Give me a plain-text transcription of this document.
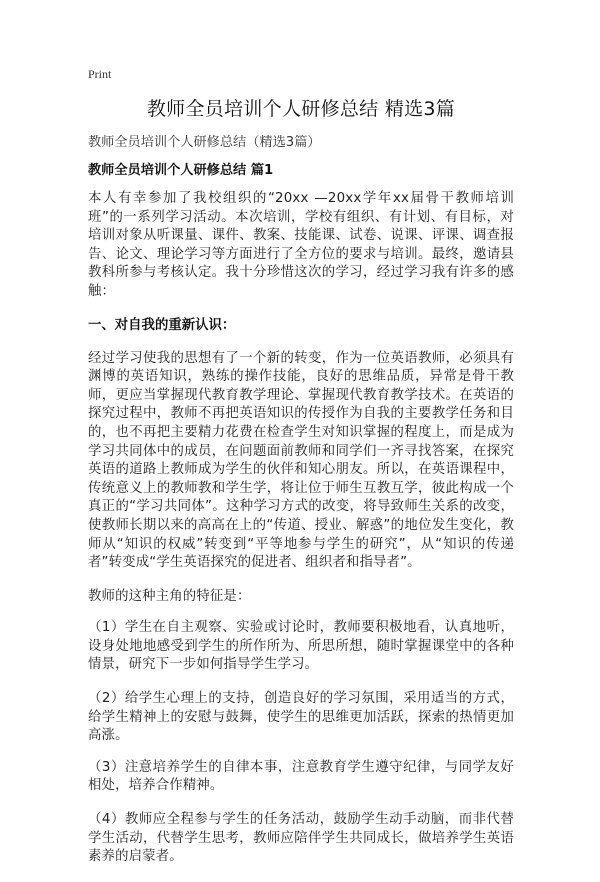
Print
教师全员培训个人研修总结 精选3篇
教师全员培训个人研修总结（精选3篇）
教师全员培训个人研修总结 篇1

本人有幸参加了我校组织的“20xx —20xx学年xx届骨干教师培训班”的一系列学习活动。本次培训，学校有组织、有计划、有目标，对培训对象从听课量、课件、教案、技能课、试卷、说课、评课、调查报告、论文、理论学习等方面进行了全方位的要求与培训。最终，邀请县教科所参与考核认定。我十分珍惜这次的学习，经过学习我有许多的感触：

一、对自我的重新认识：

经过学习使我的思想有了一个新的转变，作为一位英语教师，必须具有渊博的英语知识，熟练的操作技能，良好的思维品质，异常是骨干教师，更应当掌握现代教育教学理论、掌握现代教育教学技术。在英语的探究过程中，教师不再把英语知识的传授作为自我的主要教学任务和目的，也不再把主要精力花费在检查学生对知识掌握的程度上，而是成为学习共同体中的成员，在问题面前教师和同学们一齐寻找答案，在探究英语的道路上教师成为学生的伙伴和知心朋友。所以，在英语课程中，传统意义上的教师教和学生学，将让位于师生互教互学，彼此构成一个真正的“学习共同体”。这种学习方式的改变，将导致师生关系的改变，使教师长期以来的高高在上的“传道、授业、解惑”的地位发生变化，教师从“知识的权威”转变到“平等地参与学生的研究”，从“知识的传递者”转变成“学生英语探究的促进者、组织者和指导者”。

教师的这种主角的特征是：

（1）学生在自主观察、实验或讨论时，教师要积极地看，认真地听，设身处地地感受到学生的所作所为、所思所想，随时掌握课堂中的各种情景，研究下一步如何指导学生学习。

（2）给学生心理上的支持，创造良好的学习氛围，采用适当的方式，给学生精神上的安慰与鼓舞，使学生的思维更加活跃，探索的热情更加高涨。

（3）注意培养学生的自律本事，注意教育学生遵守纪律，与同学友好相处，培养合作精神。

（4）教师应全程参与学生的任务活动，鼓励学生动手动脑，而非代替学生活动，代替学生思考，教师应陪伴学生共同成长，做培养学生英语素养的启蒙者。
